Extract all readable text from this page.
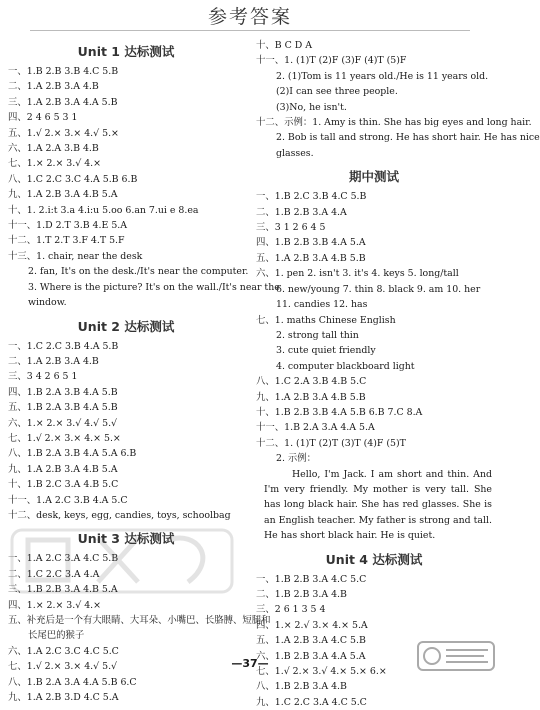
参考答案
Unit 1 达标测试
一、1.B 2.B 3.B 4.C 5.B
二、1.A 2.B 3.A 4.B
三、1.A 2.B 3.A 4.A 5.B
四、2 4 6 5 3 1
五、1.√ 2.× 3.× 4.√ 5.×
六、1.A 2.A 3.B 4.B
七、1.× 2.× 3.√ 4.×
八、1.C 2.C 3.C 4.A 5.B 6.B
九、1.A 2.B 3.A 4.B 5.A
十、1. 2.i:t 3.a 4.i:u 5.oo 6.an 7.ui e 8.ea
十一、1.D 2.T 3.B 4.E 5.A
十二、1.T 2.T 3.F 4.T 5.F
十三、1. chair, near the desk
2. fan, It's on the desk./It's near the computer.
3. Where is the picture? It's on the wall./It's near the
window.
Unit 2 达标测试
一、1.C 2.C 3.B 4.A 5.B
二、1.A 2.B 3.A 4.B
三、3 4 2 6 5 1
四、1.B 2.A 3.B 4.A 5.B
五、1.B 2.A 3.B 4.A 5.B
六、1.× 2.× 3.√ 4.√ 5.√
七、1.√ 2.× 3.× 4.× 5.×
八、1.B 2.A 3.B 4.A 5.A 6.B
九、1.A 2.B 3.A 4.B 5.A
十、1.B 2.C 3.A 4.B 5.C
十一、1.A 2.C 3.B 4.A 5.C
十二、desk, keys, egg, candies, toys, schoolbag
Unit 3 达标测试
一、1.A 2.C 3.A 4.C 5.B
二、1.C 2.C 3.A 4.A
三、1.B 2.B 3.A 4.B 5.A
四、1.× 2.× 3.√ 4.×
五、补充后是一个有大眼睛、大耳朵、小嘴巴、长胳膊、短腿和
长尾巴的猴子
六、1.A 2.C 3.C 4.C 5.C
七、1.√ 2.× 3.× 4.√ 5.√
八、1.B 2.A 3.A 4.A 5.B 6.C
九、1.A 2.B 3.D 4.C 5.A
十、B C D A
十一、1. (1)T (2)F (3)F (4)T (5)F
2. (1)Tom is 11 years old./He is 11 years old.
(2)I can see three people.
(3)No, he isn't.
十二、示例：1. Amy is thin. She has big eyes and long hair.
2. Bob is tall and strong. He has short hair. He has nice
glasses.
期中测试
一、1.B 2.C 3.B 4.C 5.B
二、1.B 2.B 3.A 4.A
三、3 1 2 6 4 5
四、1.B 2.B 3.B 4.A 5.A
五、1.A 2.B 3.A 4.B 5.B
六、1. pen 2. isn't 3. it's 4. keys 5. long/tall
6. new/young 7. thin 8. black 9. am 10. her
11. candies 12. has
七、1. maths Chinese English
2. strong tall thin
3. cute quiet friendly
4. computer blackboard light
八、1.C 2.A 3.B 4.B 5.C
九、1.A 2.B 3.A 4.B 5.B
十、1.B 2.B 3.B 4.A 5.B 6.B 7.C 8.A
十一、1.B 2.A 3.A 4.A 5.A
十二、1. (1)T (2)T (3)T (4)F (5)T
2. 示例：
Hello, I'm Jack. I am short and thin. And I'm very friendly. My mother is very tall. She has long black hair. She has red glasses. She is an English teacher. My father is strong and tall. He has short black hair. He is quiet.
Unit 4 达标测试
一、1.B 2.B 3.A 4.C 5.C
二、1.B 2.B 3.A 4.B
三、2 6 1 3 5 4
四、1.× 2.√ 3.× 4.× 5.A
五、1.A 2.B 3.A 4.C 5.B
六、1.B 2.B 3.A 4.A 5.A
七、1.√ 2.× 3.√ 4.× 5.× 6.×
八、1.B 2.B 3.A 4.B
九、1.C 2.C 3.A 4.C 5.C
—37—
